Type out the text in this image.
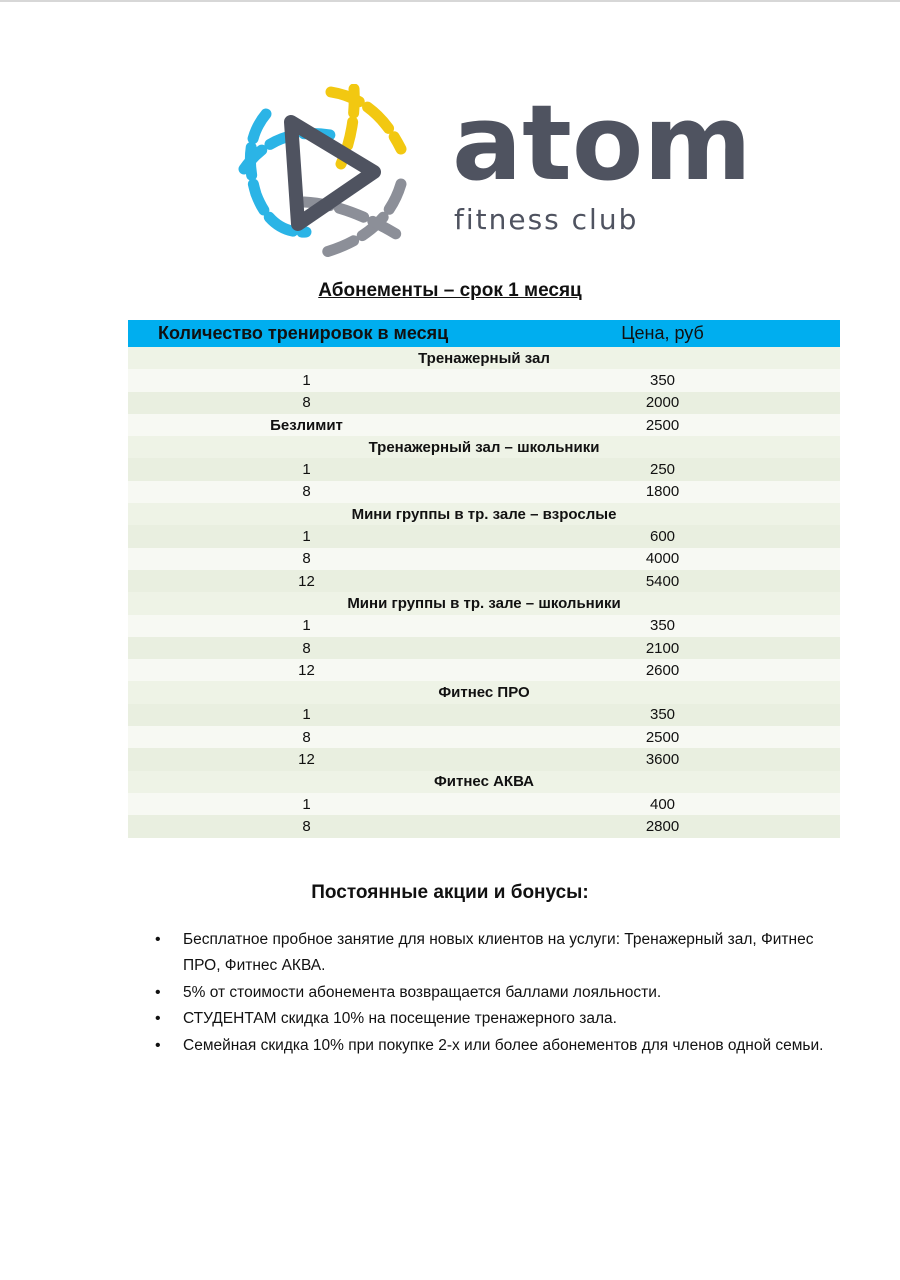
atom
fitness club
Абонементы – срок 1 месяц
Количество тренировок в месяц	Цена, руб
Тренажерный зал	
1	350
8	2000
Безлимит	2500
Тренажерный зал – школьники	
1	250
8	1800
Мини группы в тр. зале – взрослые	
1	600
8	4000
12	5400
Мини группы в тр. зале – школьники	
1	350
8	2100
12	2600
Фитнес ПРО	
1	350
8	2500
12	3600
Фитнес АКВА	
1	400
8	2800
Постоянные акции и бонусы:
• Бесплатное пробное занятие для новых клиентов на услуги: Тренажерный зал, Фитнес ПРО, Фитнес АКВА.
• 5% от стоимости абонемента возвращается баллами лояльности.
• СТУДЕНТАМ скидка 10% на посещение тренажерного зала.
• Семейная скидка 10% при покупке 2-х или более абонементов для членов одной семьи.
